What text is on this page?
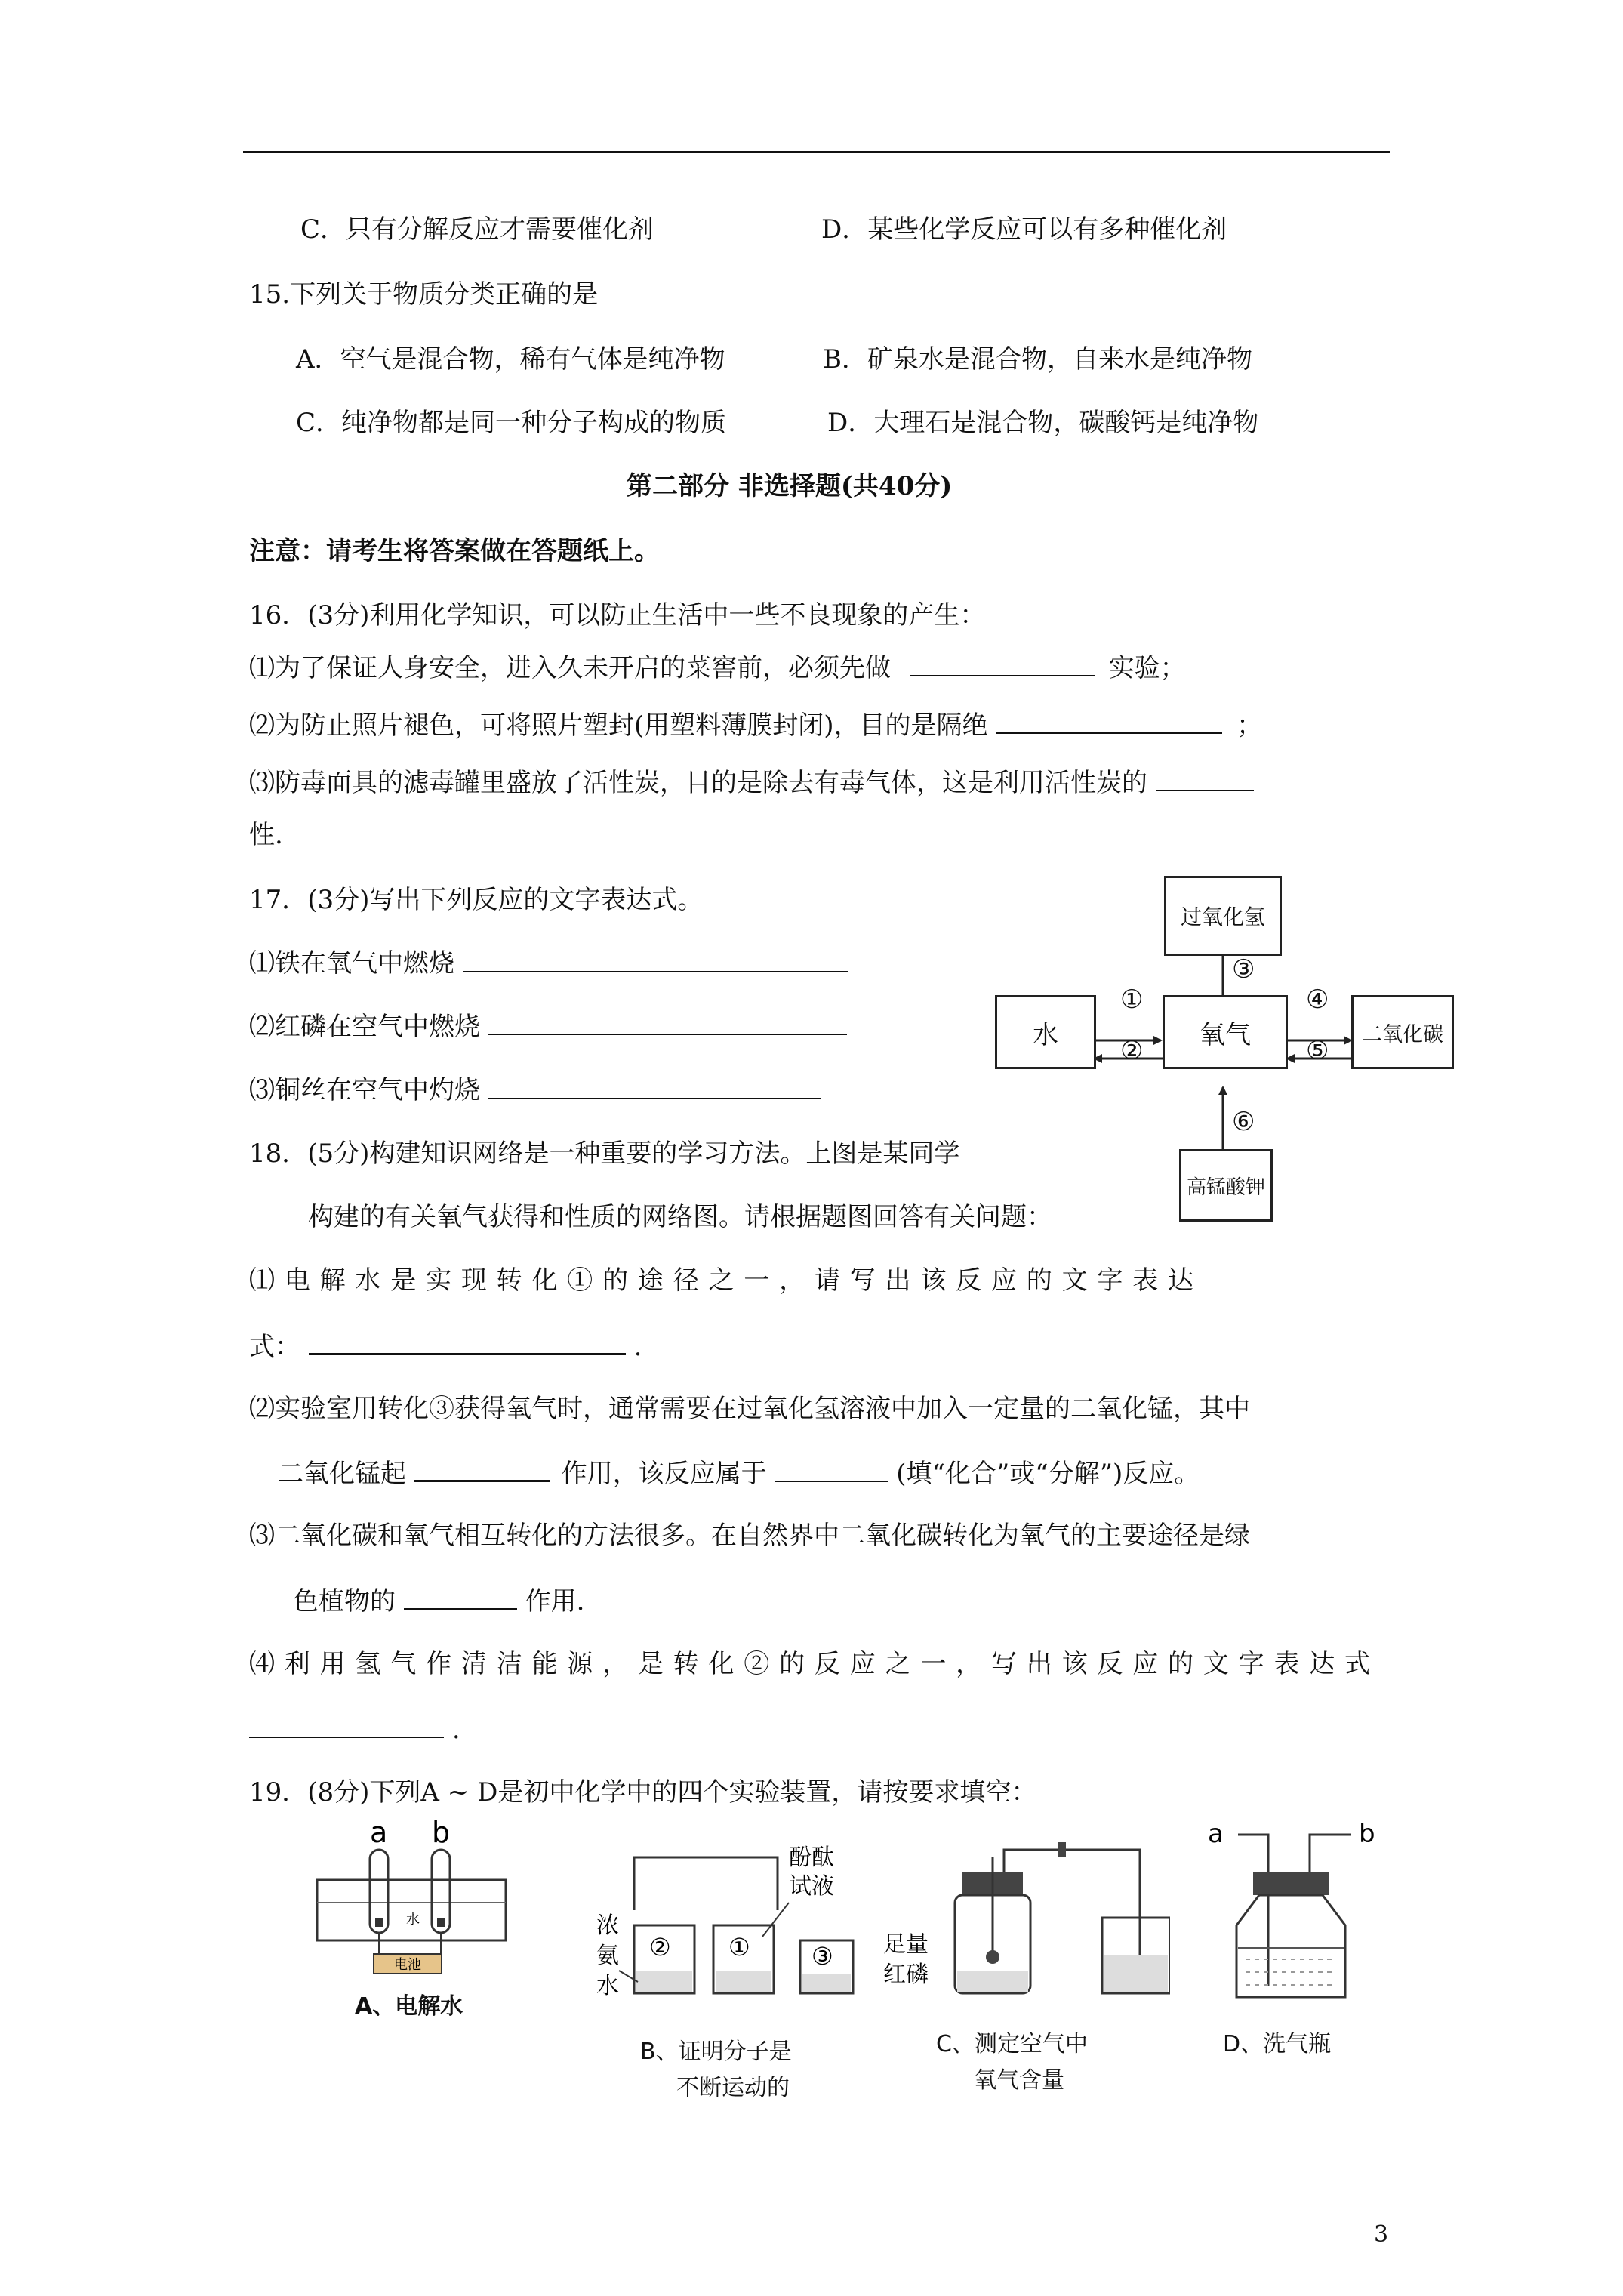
C．只有分解反应才需要催化剂	D．某些化学反应可以有多种催化剂
15.下列关于物质分类正确的是
A．空气是混合物，稀有气体是纯净物	B．矿泉水是混合物，自来水是纯净物
C．纯净物都是同一种分子构成的物质	D．大理石是混合物，碳酸钙是纯净物
第二部分 非选择题(共40分)
注意：请考生将答案做在答题纸上。
16．(3分)利用化学知识，可以防止生活中一些不良现象的产生：
⑴为了保证人身安全，进入久未开启的菜窖前，必须先做	实验；
⑵为防止照片褪色，可将照片塑封(用塑料薄膜封闭)，目的是隔绝	；
⑶防毒面具的滤毒罐里盛放了活性炭，目的是除去有毒气体，这是利用活性炭的
性.
17．(3分)写出下列反应的文字表达式。
⑴铁在氧气中燃烧
⑵红磷在空气中燃烧
⑶铜丝在空气中灼烧
过氧化氢
水	氧气	二氧化碳
高锰酸钾
③
⑥
①
②
④
⑤
18．(5分)构建知识网络是一种重要的学习方法。上图是某同学
构建的有关氧气获得和性质的网络图。请根据题图回答有关问题：
⑴ 电 解 水 是 实 现 转 化 ① 的 途 径 之 一 ， 请 写 出 该 反 应 的 文 字 表 达
式：	.
⑵实验室用转化③获得氧气时，通常需要在过氧化氢溶液中加入一定量的二氧化锰，其中
二氧化锰起	作用，该反应属于	(填“化合”或“分解”)反应。
⑶二氧化碳和氧气相互转化的方法很多。在自然界中二氧化碳转化为氧气的主要途径是绿
色植物的	作用.
⑷ 利 用 氢 气 作 清 洁 能 源 ， 是 转 化 ② 的 反 应 之 一 ， 写 出 该 反 应 的 文 字 表 达 式
.
19．(8分)下列A ~ D是初中化学中的四个实验装置，请按要求填空：
a b
水
电池
A、电解水
② ①	③
酚酞
试液
浓
氨
水
B、证明分子是
不断运动的
足量
红磷
C、测定空气中
氧气含量
a	b
D、洗气瓶
3
